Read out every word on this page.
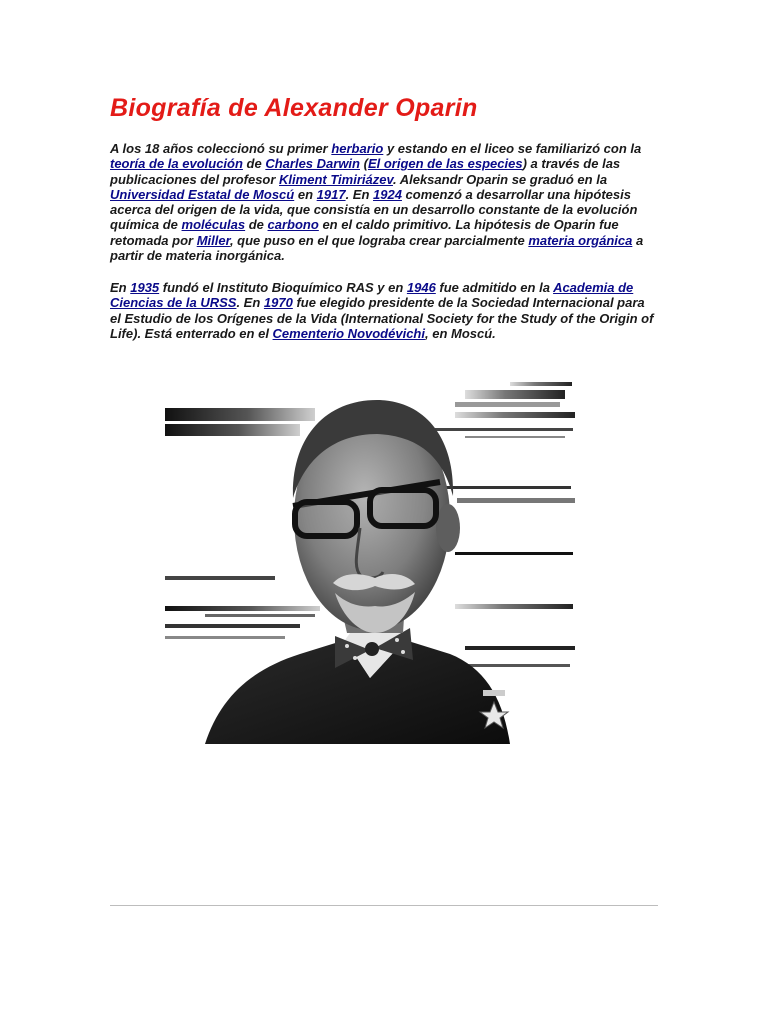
Biografía de Alexander Oparin

A los 18 años coleccionó su primer herbario y estando en el liceo se familiarizó con la teoría de la evolución de Charles Darwin (El origen de las especies) a través de las publicaciones del profesor Kliment Timiriázev. Aleksandr Oparin se graduó en la Universidad Estatal de Moscú en 1917. En 1924 comenzó a desarrollar una hipótesis acerca del origen de la vida, que consistía en un desarrollo constante de la evolución química de moléculas de carbono en el caldo primitivo. La hipótesis de Oparin fue retomada por Miller, que puso en el que lograba crear parcialmente materia orgánica a partir de materia inorgánica.

En 1935 fundó el Instituto Bioquímico RAS y en 1946 fue admitido en la Academia de Ciencias de la URSS. En 1970 fue elegido presidente de la Sociedad Internacional para el Estudio de los Orígenes de la Vida (International Society for the Study of the Origin of Life). Está enterrado en el Cementerio Novodévichi, en Moscú.
